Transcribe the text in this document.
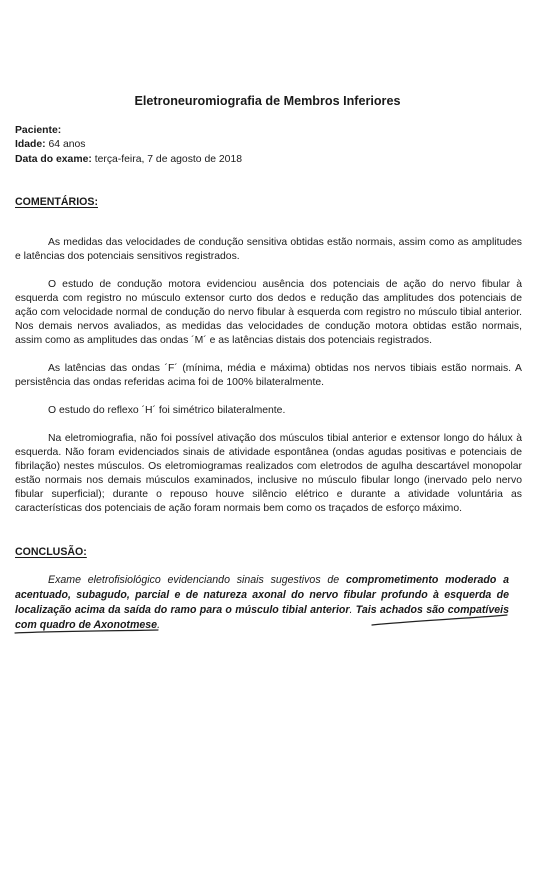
Eletroneuromiografia de Membros Inferiores
Paciente:
Idade: 64 anos
Data do exame: terça-feira, 7 de agosto de 2018
COMENTÁRIOS:

As medidas das velocidades de condução sensitiva obtidas estão normais, assim como as amplitudes e latências dos potenciais sensitivos registrados.

O estudo de condução motora evidenciou ausência dos potenciais de ação do nervo fibular à esquerda com registro no músculo extensor curto dos dedos e redução das amplitudes dos potenciais de ação com velocidade normal de condução do nervo fibular à esquerda com registro no músculo tibial anterior. Nos demais nervos avaliados, as medidas das velocidades de condução motora obtidas estão normais, assim como as amplitudes das ondas ´M´ e as latências distais dos potenciais registrados.

As latências das ondas ´F´ (mínima, média e máxima) obtidas nos nervos tibiais estão normais. A persistência das ondas referidas acima foi de 100% bilateralmente.

O estudo do reflexo ´H´ foi simétrico bilateralmente.

Na eletromiografia, não foi possível ativação dos músculos tibial anterior e extensor longo do hálux à esquerda. Não foram evidenciados sinais de atividade espontânea (ondas agudas positivas e potenciais de fibrilação) nestes músculos. Os eletromiogramas realizados com eletrodos de agulha descartável monopolar estão normais nos demais músculos examinados, inclusive no músculo fibular longo (inervado pelo nervo fibular superficial); durante o repouso houve silêncio elétrico e durante a atividade voluntária as características dos potenciais de ação foram normais bem como os traçados de esforço máximo.

CONCLUSÃO:

Exame eletrofisiológico evidenciando sinais sugestivos de comprometimento moderado a acentuado, subagudo, parcial e de natureza axonal do nervo fibular profundo à esquerda de localização acima da saída do ramo para o músculo tibial anterior. Tais achados são compatíveis com quadro de Axonotmese.
